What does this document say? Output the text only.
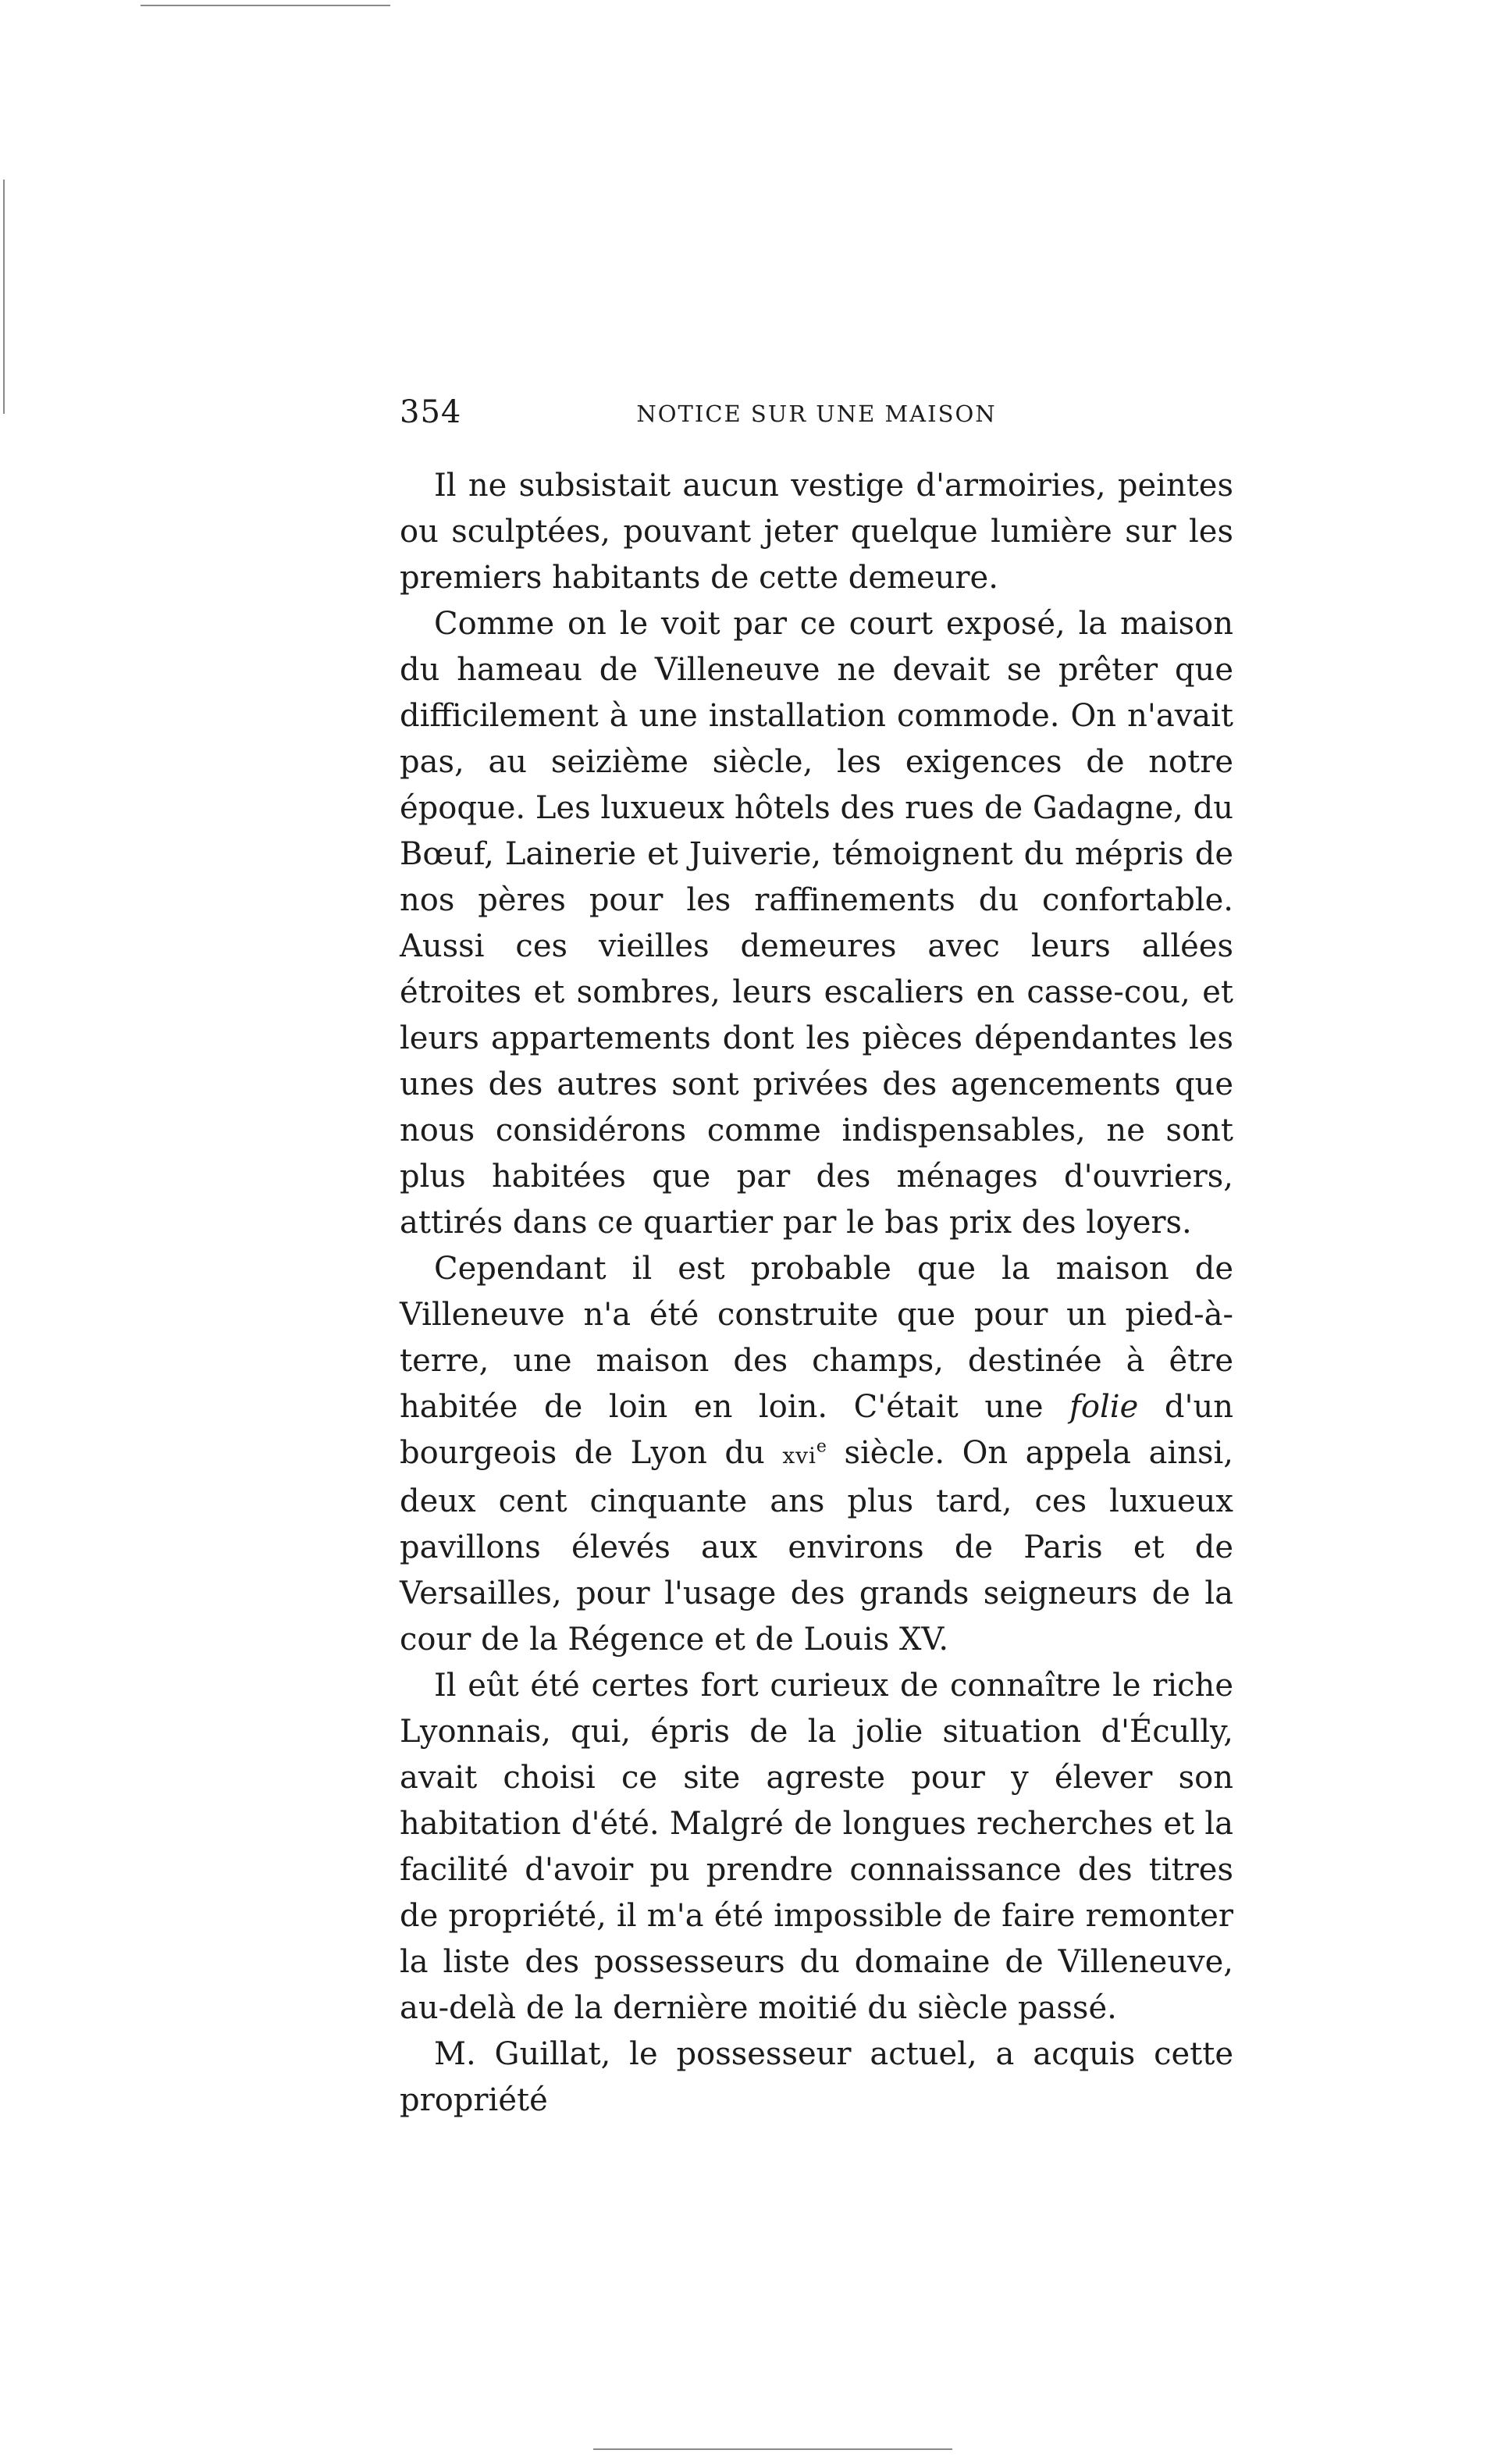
354	NOTICE SUR UNE MAISON

Il ne subsistait aucun vestige d'armoiries, peintes ou sculptées, pouvant jeter quelque lumière sur les premiers habitants de cette demeure.

Comme on le voit par ce court exposé, la maison du hameau de Villeneuve ne devait se prêter que difficilement à une installation commode. On n'avait pas, au seizième siècle, les exigences de notre époque. Les luxueux hôtels des rues de Gadagne, du Bœuf, Lainerie et Juiverie, témoignent du mépris de nos pères pour les raffinements du confortable. Aussi ces vieilles demeures avec leurs allées étroites et sombres, leurs escaliers en casse-cou, et leurs appartements dont les pièces dépendantes les unes des autres sont privées des agencements que nous considérons comme indispensables, ne sont plus habitées que par des ménages d'ouvriers, attirés dans ce quartier par le bas prix des loyers.

Cependant il est probable que la maison de Villeneuve n'a été construite que pour un pied-à-terre, une maison des champs, destinée à être habitée de loin en loin. C'était une folie d'un bourgeois de Lyon du xvi$^e$ siècle. On appela ainsi, deux cent cinquante ans plus tard, ces luxueux pavillons élevés aux environs de Paris et de Versailles, pour l'usage des grands seigneurs de la cour de la Régence et de Louis XV.

Il eût été certes fort curieux de connaître le riche Lyonnais, qui, épris de la jolie situation d'Écully, avait choisi ce site agreste pour y élever son habitation d'été. Malgré de longues recherches et la facilité d'avoir pu prendre connaissance des titres de propriété, il m'a été impossible de faire remonter la liste des possesseurs du domaine de Villeneuve, au-delà de la dernière moitié du siècle passé.

M. Guillat, le possesseur actuel, a acquis cette propriété
